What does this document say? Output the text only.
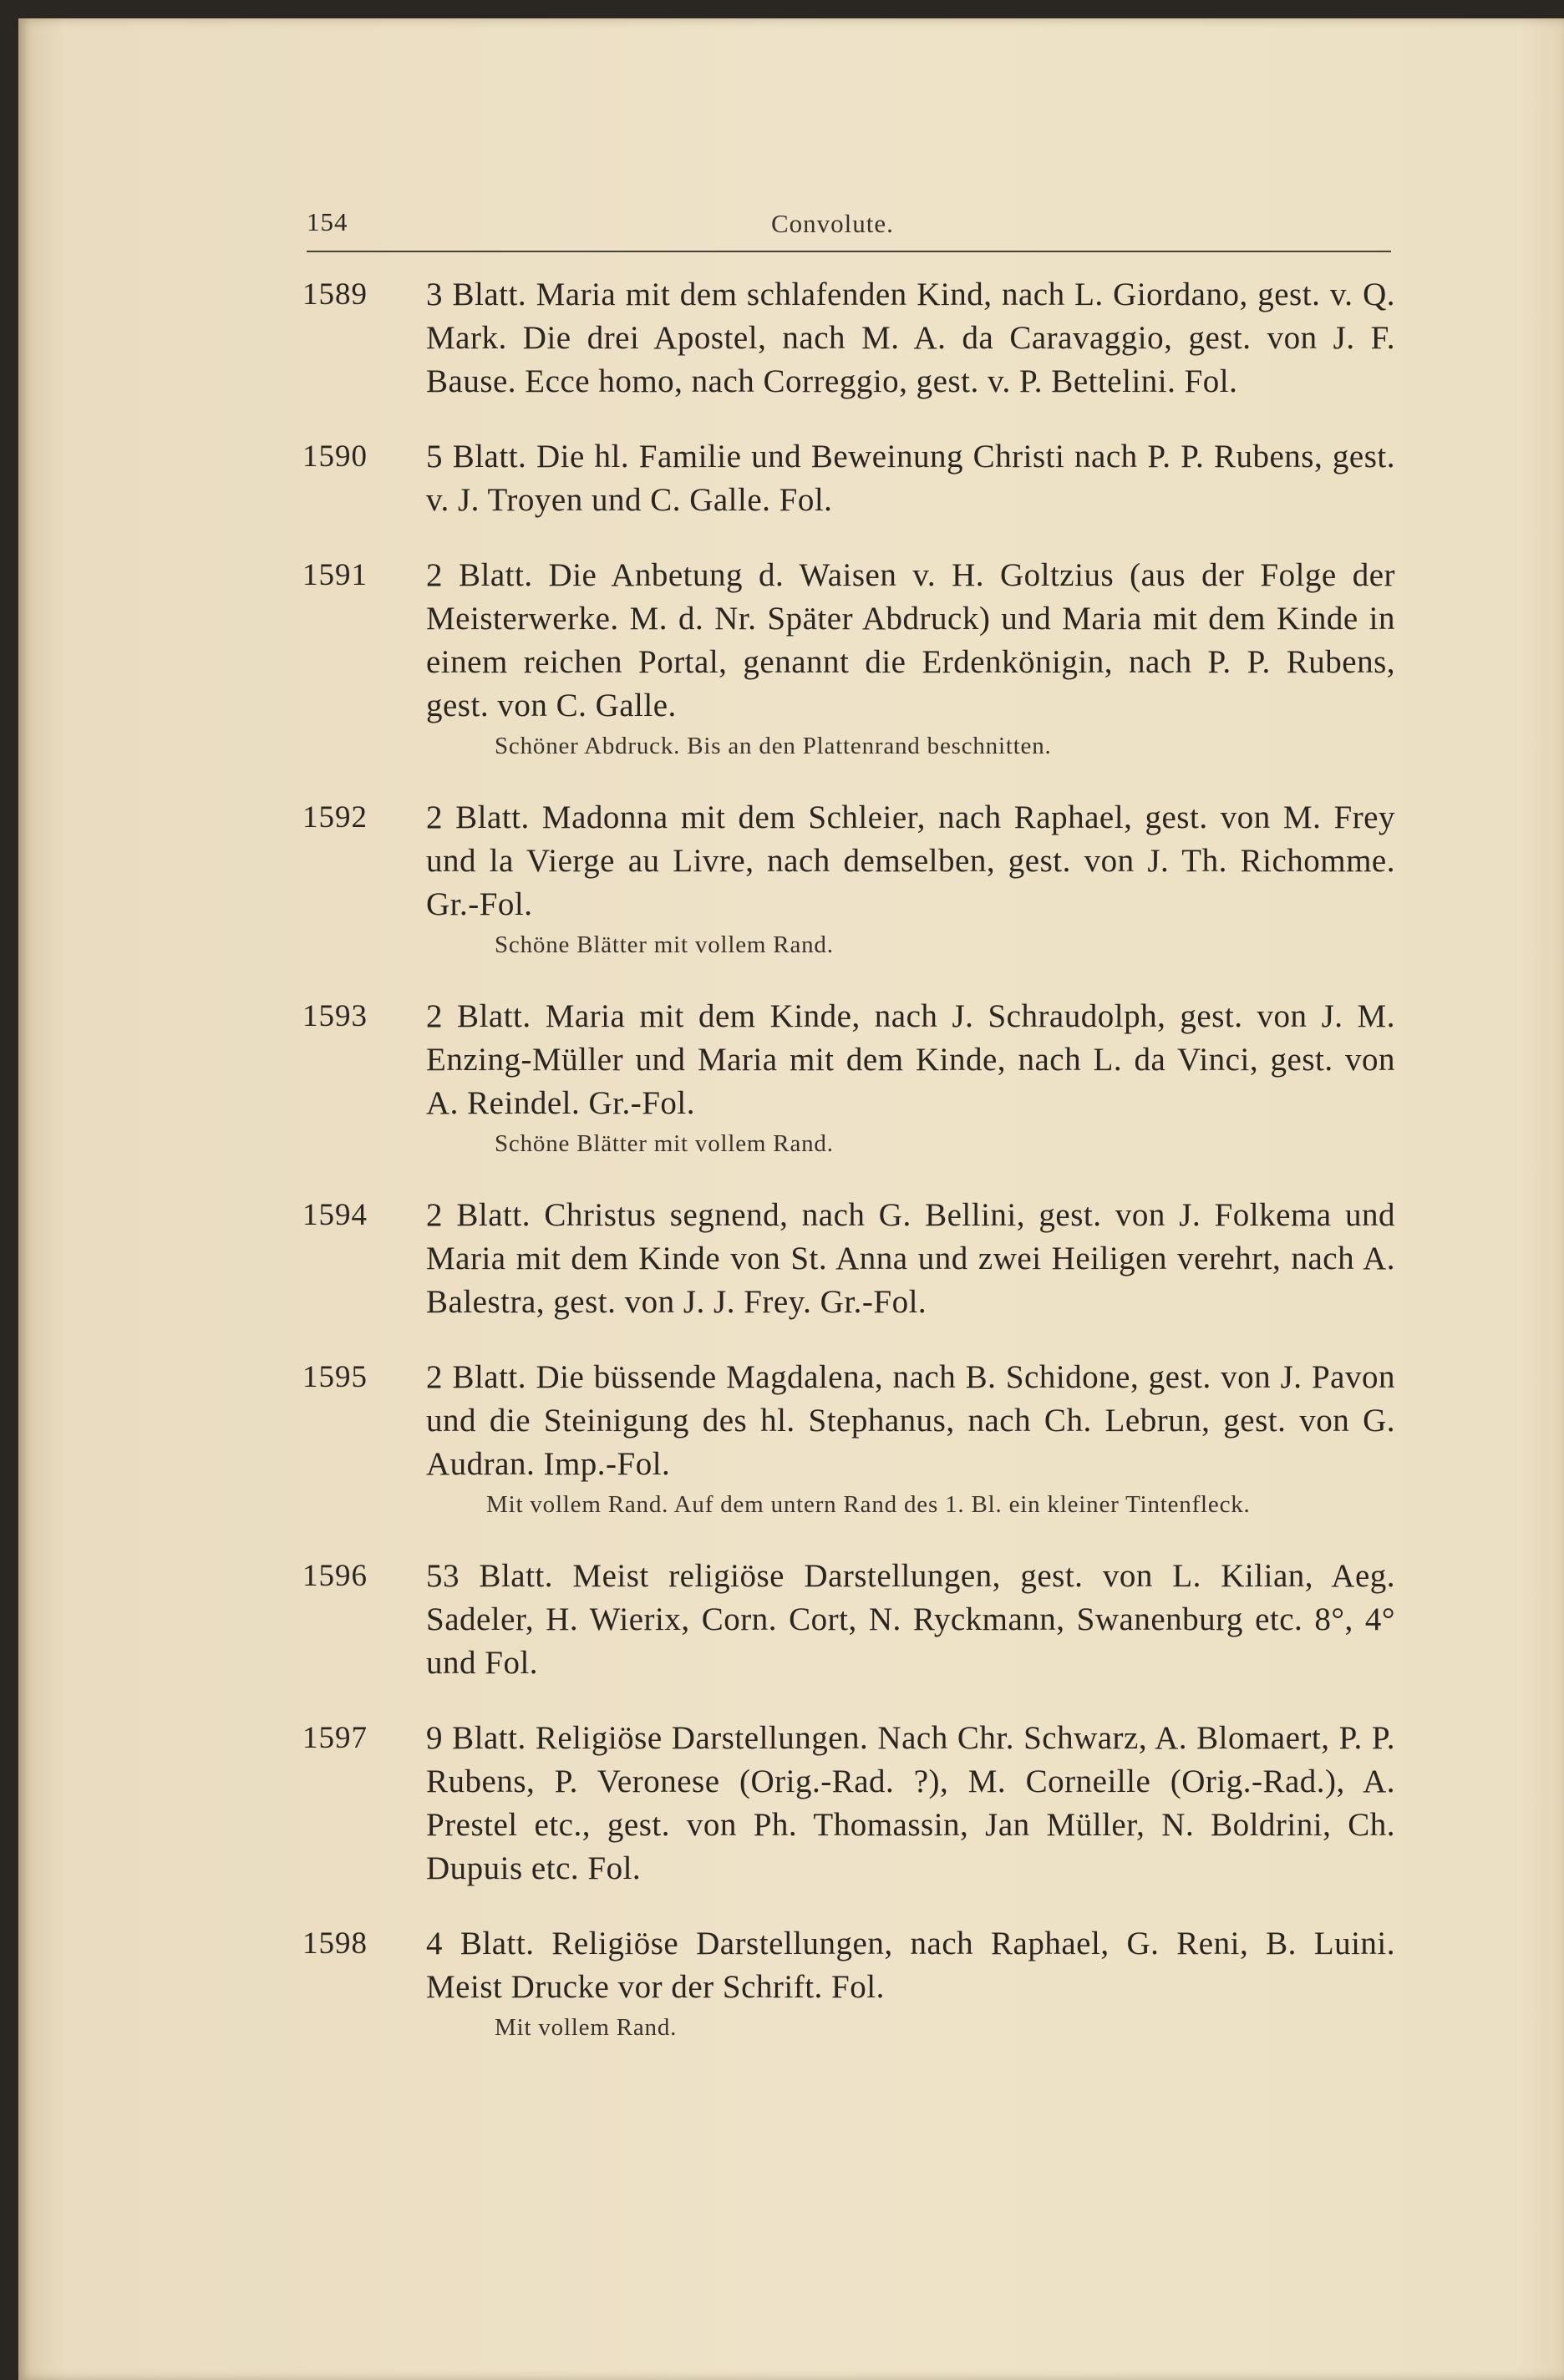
154	Convolute.
1589 3 Blatt. Maria mit dem schlafenden Kind, nach L. Giordano, gest. v. Q. Mark. Die drei Apostel, nach M. A. da Caravaggio, gest. von J. F. Bause. Ecce homo, nach Correggio, gest. v. P. Bettelini. Fol.
1590 5 Blatt. Die hl. Familie und Beweinung Christi nach P. P. Rubens, gest. v. J. Troyen und C. Galle. Fol.
1591 2 Blatt. Die Anbetung d. Waisen v. H. Goltzius (aus der Folge der Meisterwerke. M. d. Nr. Später Abdruck) und Maria mit dem Kinde in einem reichen Portal, genannt die Erdenkönigin, nach P. P. Rubens, gest. von C. Galle.
Schöner Abdruck. Bis an den Plattenrand beschnitten.
1592 2 Blatt. Madonna mit dem Schleier, nach Raphael, gest. von M. Frey und la Vierge au Livre, nach demselben, gest. von J. Th. Richomme. Gr.-Fol.
Schöne Blätter mit vollem Rand.
1593 2 Blatt. Maria mit dem Kinde, nach J. Schraudolph, gest. von J. M. Enzing-Müller und Maria mit dem Kinde, nach L. da Vinci, gest. von A. Reindel. Gr.-Fol.
Schöne Blätter mit vollem Rand.
1594 2 Blatt. Christus segnend, nach G. Bellini, gest. von J. Folkema und Maria mit dem Kinde von St. Anna und zwei Heiligen verehrt, nach A. Balestra, gest. von J. J. Frey. Gr.-Fol.
1595 2 Blatt. Die büssende Magdalena, nach B. Schidone, gest. von J. Pavon und die Steinigung des hl. Stephanus, nach Ch. Lebrun, gest. von G. Audran. Imp.-Fol.
Mit vollem Rand. Auf dem untern Rand des 1. Bl. ein kleiner Tintenfleck.
1596 53 Blatt. Meist religiöse Darstellungen, gest. von L. Kilian, Aeg. Sadeler, H. Wierix, Corn. Cort, N. Ryckmann, Swanenburg etc. 8°, 4° und Fol.
1597 9 Blatt. Religiöse Darstellungen. Nach Chr. Schwarz, A. Blomaert, P. P. Rubens, P. Veronese (Orig.-Rad. ?), M. Corneille (Orig.-Rad.), A. Prestel etc., gest. von Ph. Thomassin, Jan Müller, N. Boldrini, Ch. Dupuis etc. Fol.
1598 4 Blatt. Religiöse Darstellungen, nach Raphael, G. Reni, B. Luini. Meist Drucke vor der Schrift. Fol.
Mit vollem Rand.
